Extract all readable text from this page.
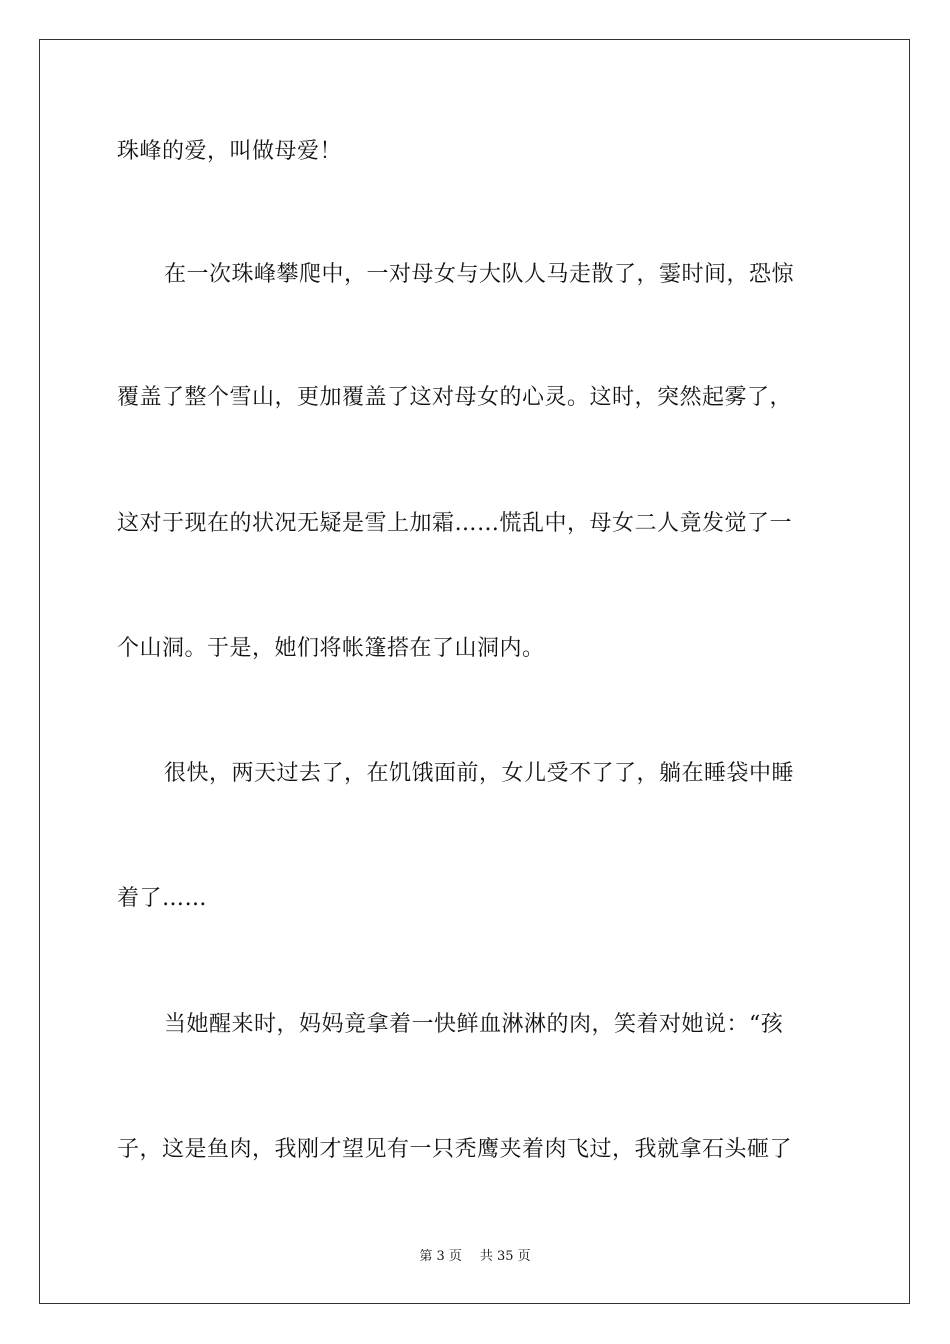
珠峰的爱，叫做母爱！
在一次珠峰攀爬中，一对母女与大队人马走散了，霎时间，恐惊
覆盖了整个雪山，更加覆盖了这对母女的心灵。这时，突然起雾了，
这对于现在的状况无疑是雪上加霜……慌乱中，母女二人竟发觉了一
个山洞。于是，她们将帐篷搭在了山洞内。
很快，两天过去了，在饥饿面前，女儿受不了了，躺在睡袋中睡
着了……
当她醒来时，妈妈竟拿着一快鲜血淋淋的肉，笑着对她说：“孩
子，这是鱼肉，我刚才望见有一只秃鹰夹着肉飞过，我就拿石头砸了
第 3 页 共 35 页
